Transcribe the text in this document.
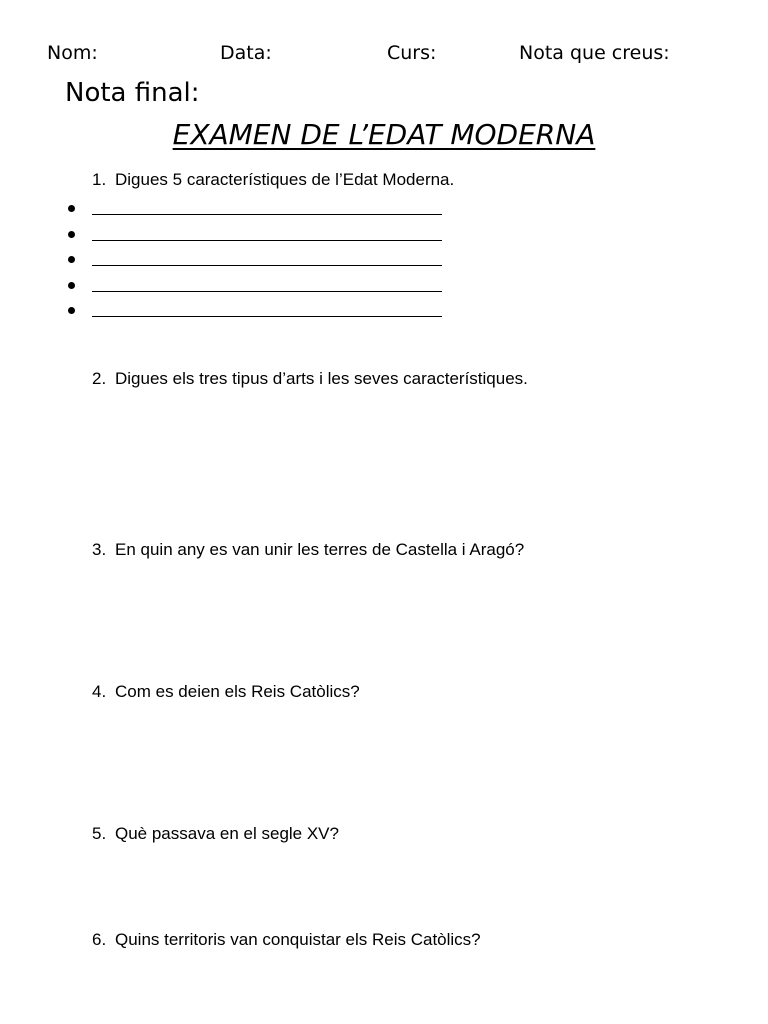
Nom:	Data:	Curs:	Nota que creus:
Nota final:
EXAMEN DE L’EDAT MODERNA
1. Digues 5 característiques de l’Edat Moderna.
2. Digues els tres tipus d’arts i les seves característiques.
3. En quin any es van unir les terres de Castella i Aragó?
4. Com es deien els Reis Catòlics?
5. Què passava en el segle XV?
6. Quins territoris van conquistar els Reis Catòlics?
